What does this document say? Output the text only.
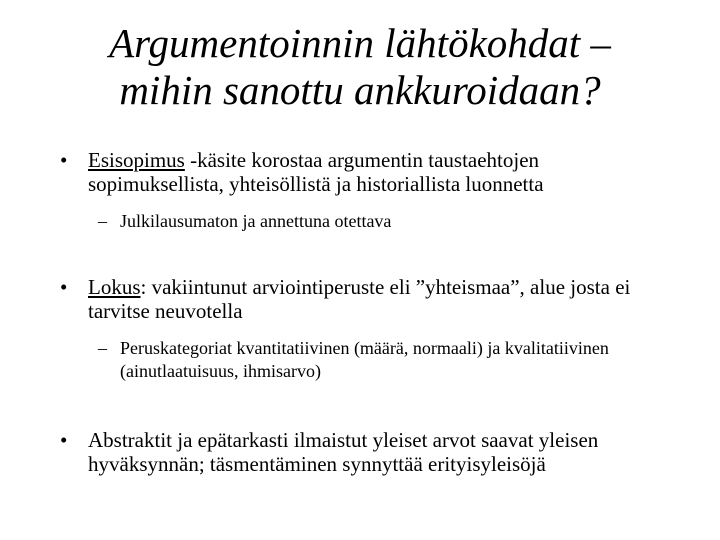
Argumentoinnin lähtökohdat –
mihin sanottu ankkuroidaan?
• Esisopimus -käsite korostaa argumentin taustaehtojen sopimuksellista, yhteisöllistä ja historiallista luonnetta
– Julkilausumaton ja annettuna otettava
• Lokus: vakiintunut arviointiperuste eli ”yhteismaa”, alue josta ei tarvitse neuvotella
– Peruskategoriat kvantitatiivinen (määrä, normaali) ja kvalitatiivinen (ainutlaatuisuus, ihmisarvo)
• Abstraktit ja epätarkasti ilmaistut yleiset arvot saavat yleisen hyväksynnän; täsmentäminen synnyttää erityisyleisöjä
